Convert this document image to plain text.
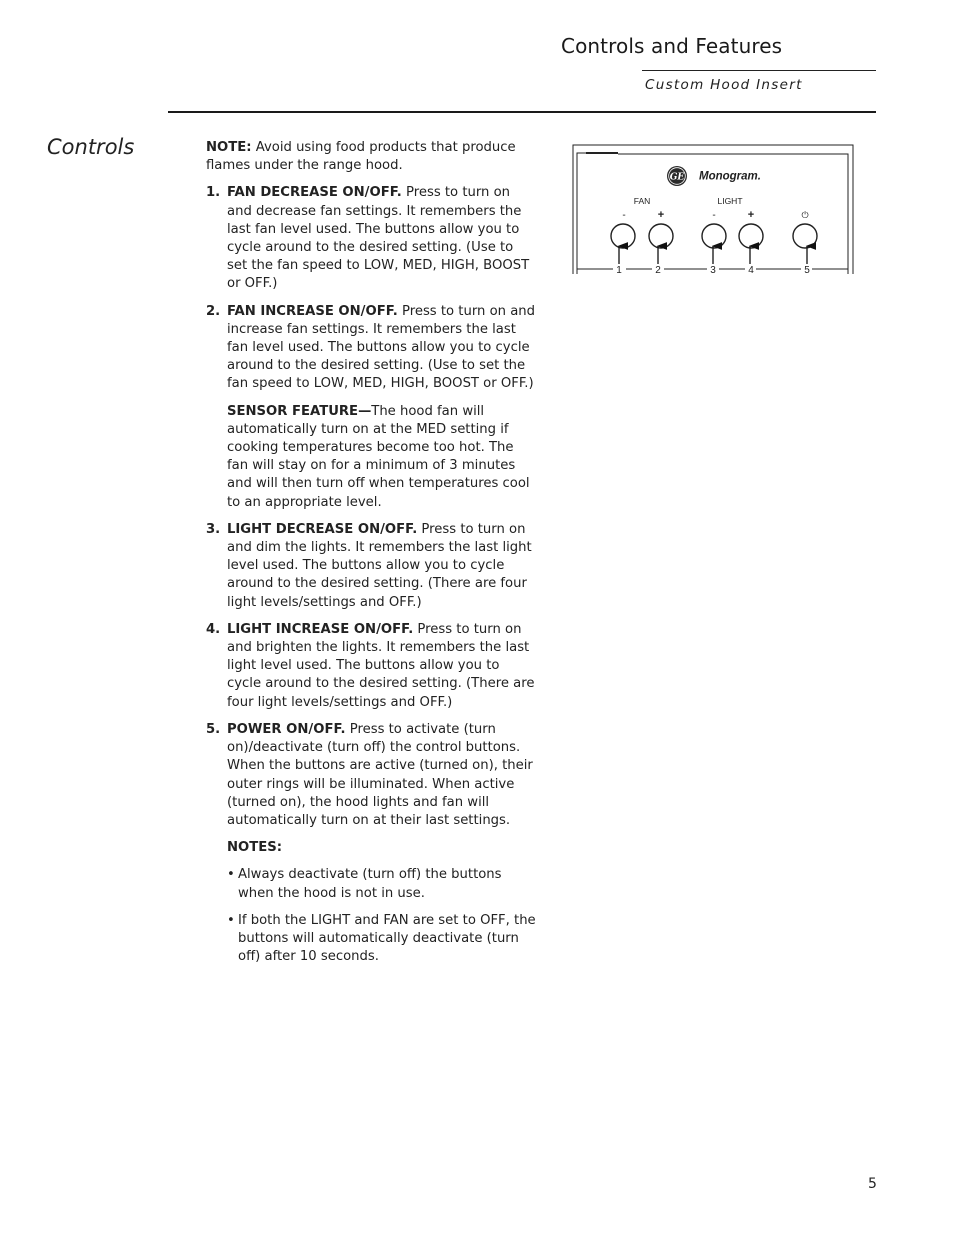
Controls and Features
Custom Hood Insert
Controls	NOTE: Avoid using food products that produce flames under the range hood.

1. FAN DECREASE ON/OFF. Press to turn on and decrease fan settings. It remembers the last fan level used. The buttons allow you to cycle around to the desired setting. (Use to set the fan speed to LOW, MED, HIGH, BOOST or OFF.)
2. FAN INCREASE ON/OFF. Press to turn on and increase fan settings. It remembers the last fan level used. The buttons allow you to cycle around to the desired setting. (Use to set the fan speed to LOW, MED, HIGH, BOOST or OFF.)
SENSOR FEATURE—The hood fan will automatically turn on at the MED setting if cooking temperatures become too hot. The fan will stay on for a minimum of 3 minutes and will then turn off when temperatures cool to an appropriate level.
3. LIGHT DECREASE ON/OFF. Press to turn on and dim the lights. It remembers the last light level used. The buttons allow you to cycle around to the desired setting. (There are four light levels/settings and OFF.)
4. LIGHT INCREASE ON/OFF. Press to turn on and brighten the lights. It remembers the last light level used. The buttons allow you to cycle around to the desired setting. (There are four light levels/settings and OFF.)
5. POWER ON/OFF. Press to activate (turn on)/deactivate (turn off) the control buttons. When the buttons are active (turned on), their outer rings will be illuminated. When active (turned on), the hood lights and fan will automatically turn on at their last settings.
NOTES:
• Always deactivate (turn off) the buttons when the hood is not in use.
• If both the LIGHT and FAN are set to OFF, the buttons will automatically deactivate (turn off) after 10 seconds.
GE Monogram.
FAN	LIGHT
-	+	-	+	⏻
1	2	3	4	5
5
